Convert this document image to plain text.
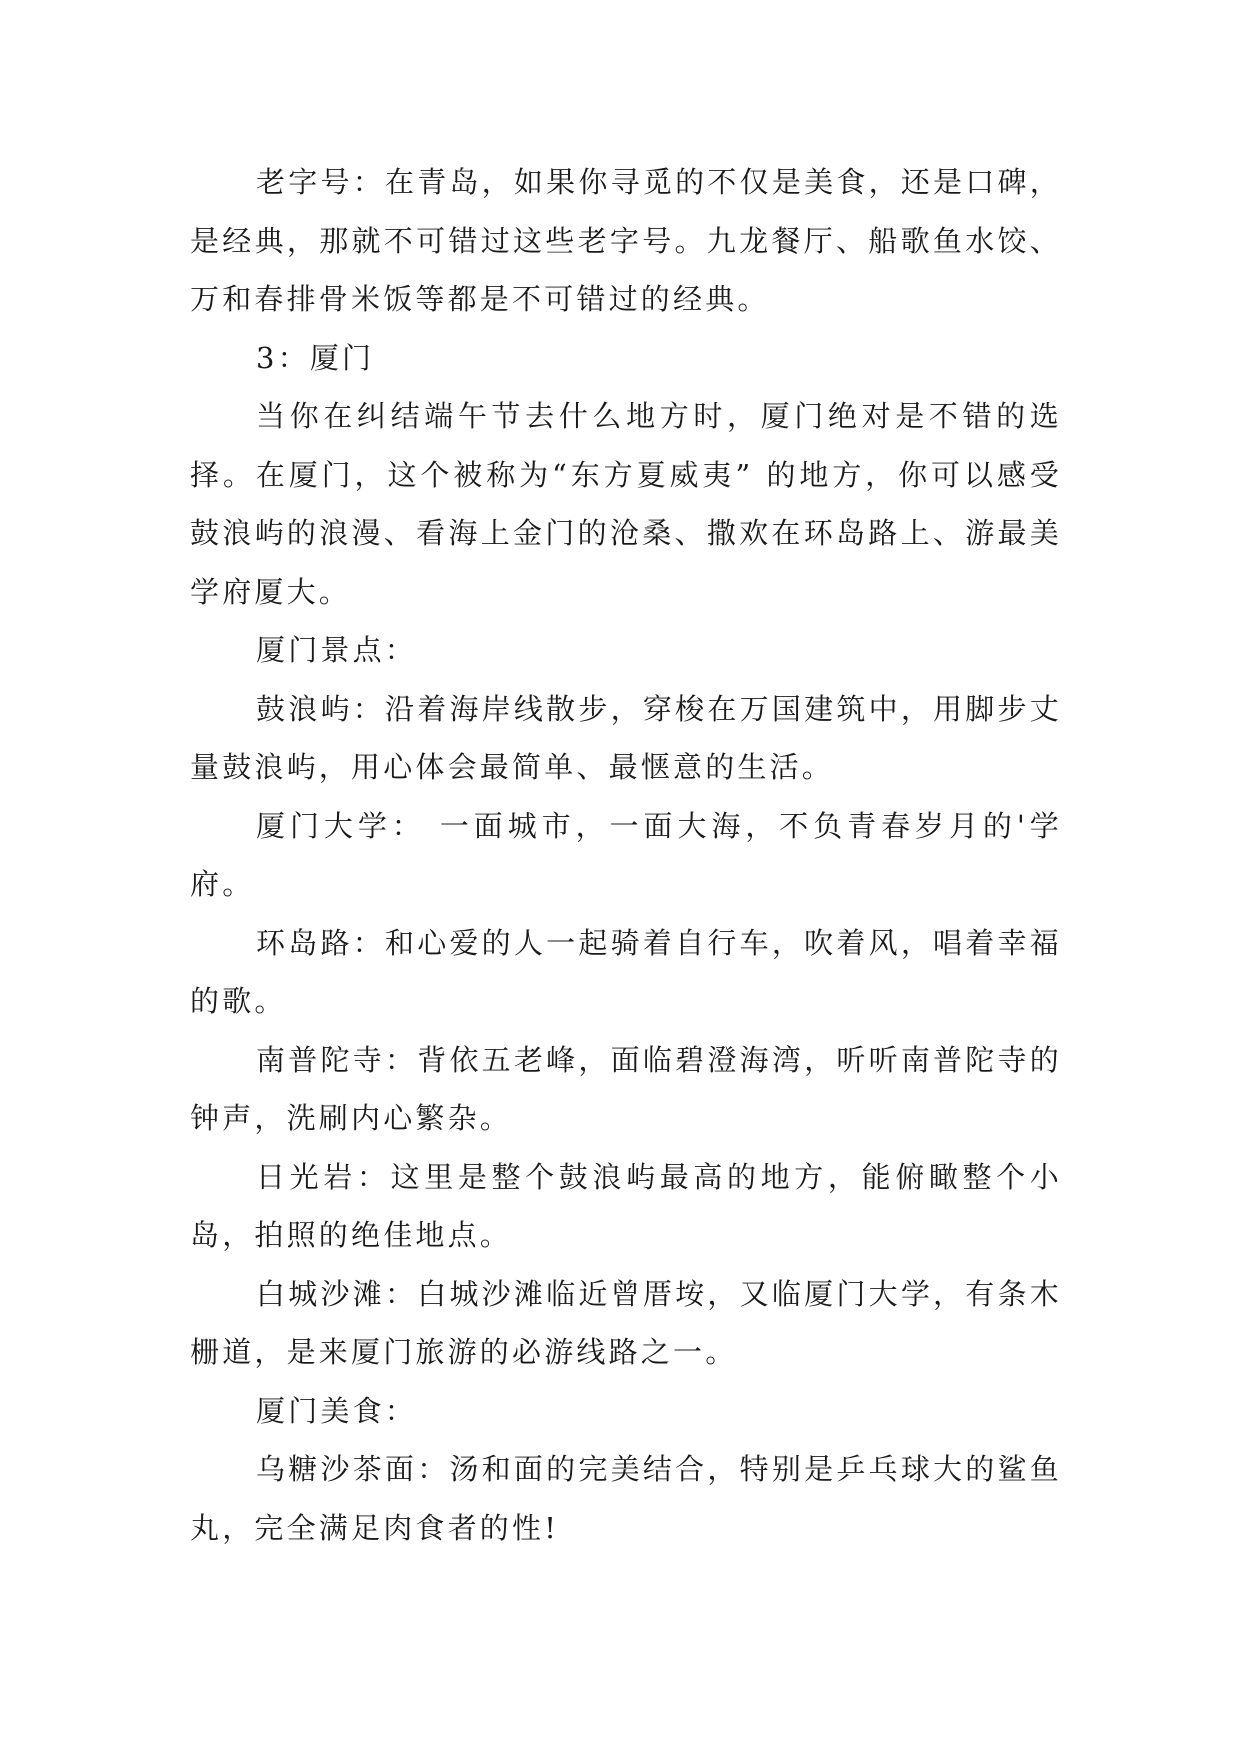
老字号：在青岛，如果你寻觅的不仅是美食，还是口碑，是经典，那就不可错过这些老字号。九龙餐厅、船歌鱼水饺、万和春排骨米饭等都是不可错过的经典。

3：厦门

当你在纠结端午节去什么地方时，厦门绝对是不错的选择。在厦门，这个被称为“东方夏威夷” 的地方，你可以感受鼓浪屿的浪漫、看海上金门的沧桑、撒欢在环岛路上、游最美学府厦大。

厦门景点：

鼓浪屿：沿着海岸线散步，穿梭在万国建筑中，用脚步丈量鼓浪屿，用心体会最简单、最惬意的生活。

厦门大学： 一面城市，一面大海，不负青春岁月的'学府。

环岛路：和心爱的人一起骑着自行车，吹着风，唱着幸福的歌。

南普陀寺：背依五老峰，面临碧澄海湾，听听南普陀寺的钟声，洗刷内心繁杂。

日光岩：这里是整个鼓浪屿最高的地方，能俯瞰整个小岛，拍照的绝佳地点。

白城沙滩：白城沙滩临近曾厝垵，又临厦门大学，有条木栅道，是来厦门旅游的必游线路之一。

厦门美食：

乌糖沙茶面：汤和面的完美结合，特别是乒乓球大的鲨鱼丸，完全满足肉食者的性!
